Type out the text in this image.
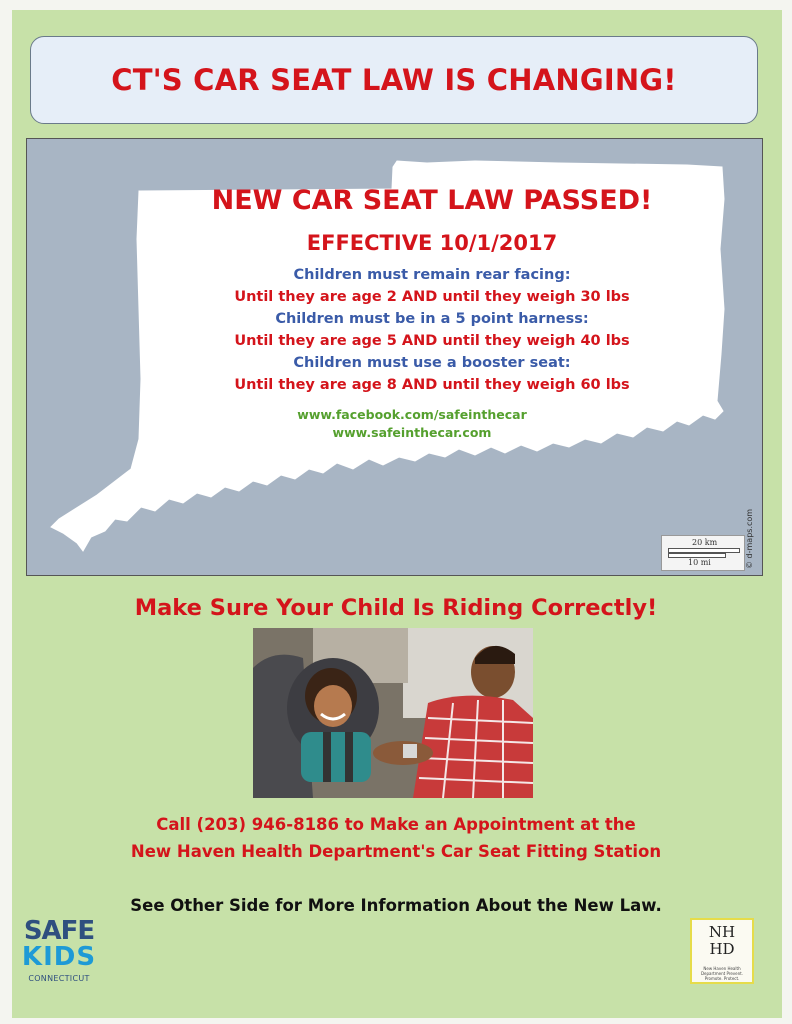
CT'S CAR SEAT LAW IS CHANGING!
NEW CAR SEAT LAW PASSED!
EFFECTIVE 10/1/2017
Children must remain rear facing:
Until they are age 2 AND until they weigh 30 lbs
Children must be in a 5 point harness:
Until they are age 5 AND until they weigh 40 lbs
Children must use a booster seat:
Until they are age 8 AND until they weigh 60 lbs
www.facebook.com/safeinthecar
www.safeinthecar.com
20 km
10 mi	© d-maps.com
Make Sure Your Child Is Riding Correctly!
Call (203) 946-8186 to Make an Appointment at the
New Haven Health Department's Car Seat Fitting Station
See Other Side for More Information About the New Law.
SAFE
KIDS
CONNECTICUT
NH
HD
New Haven Health Department Prevent. Promote. Protect.
